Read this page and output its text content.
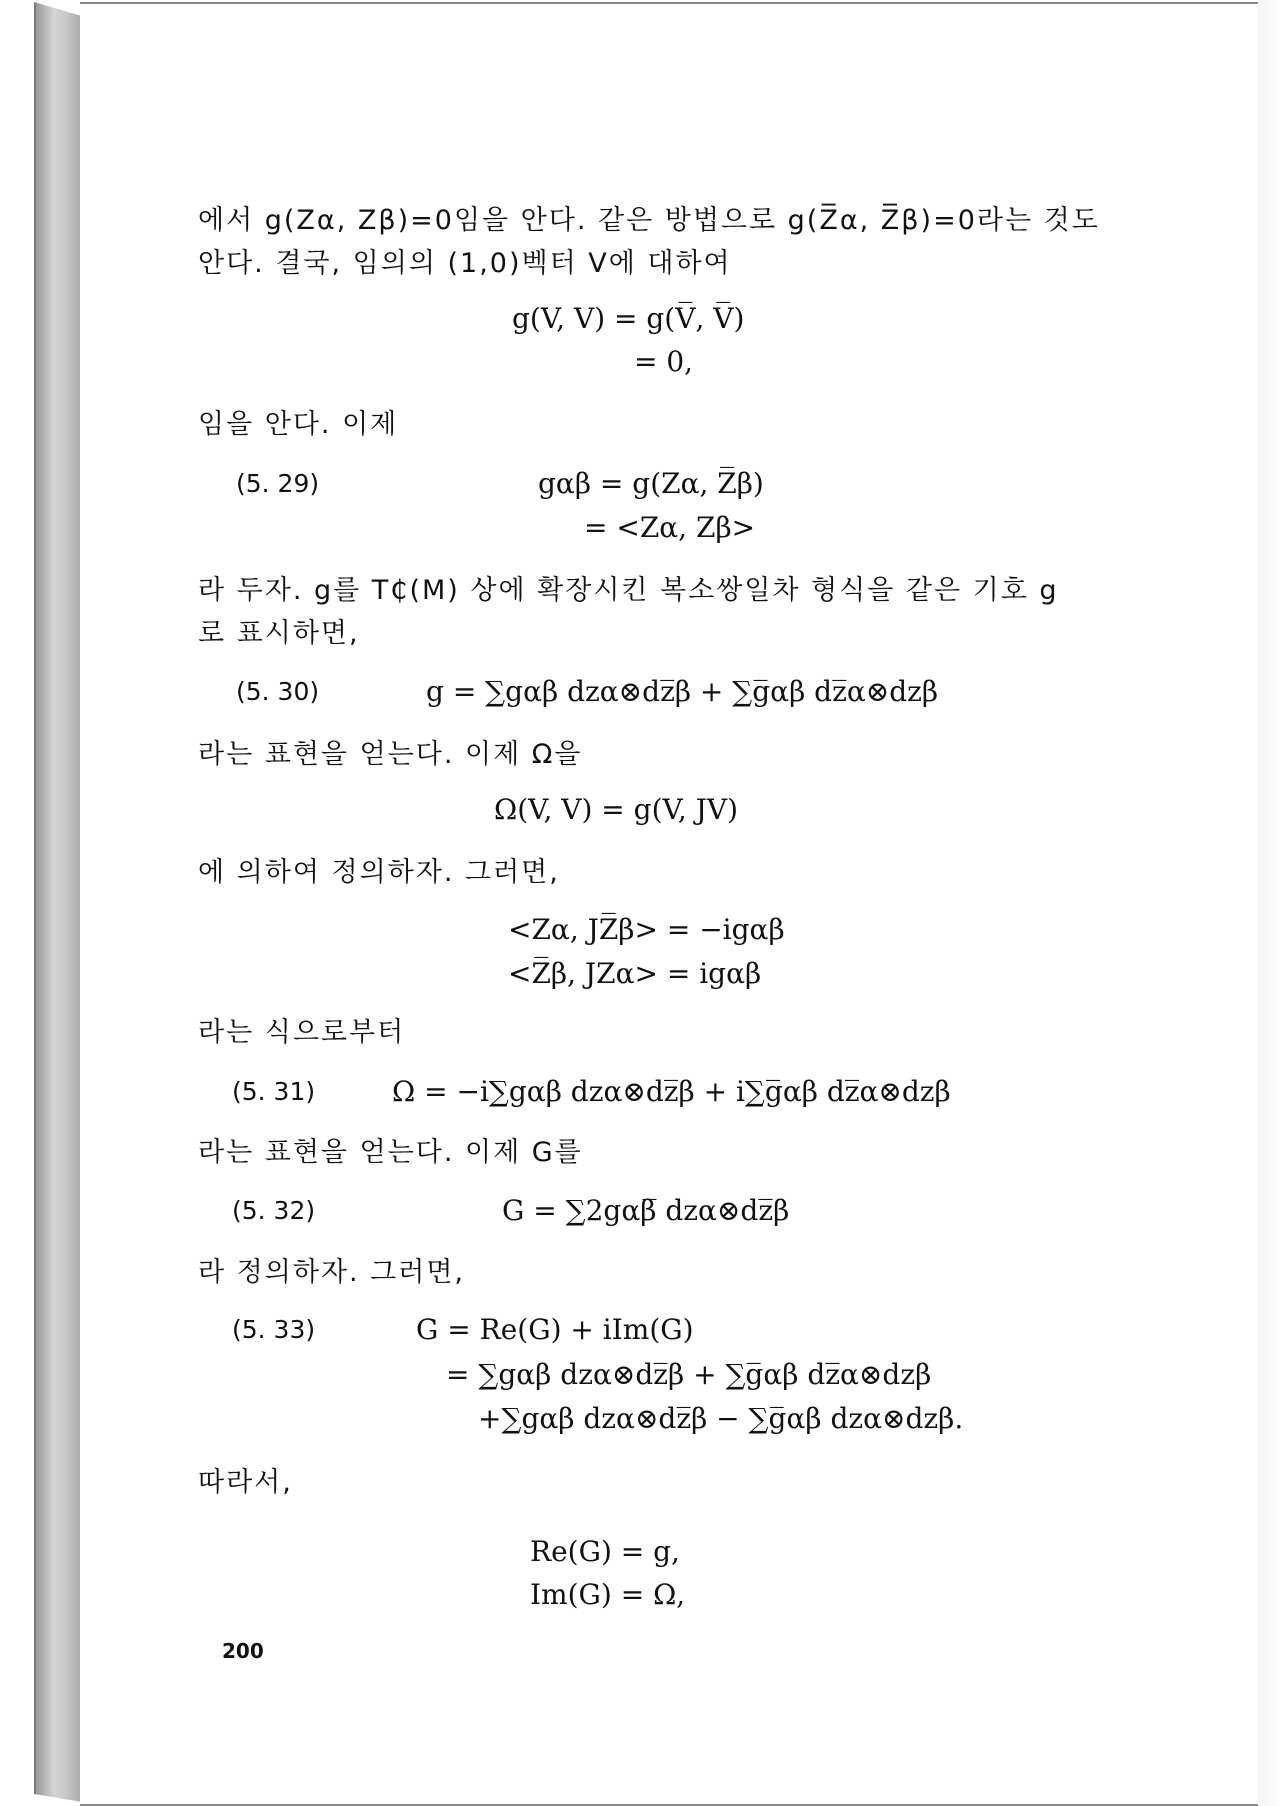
에서 g(Zα, Zβ)=0임을 안다. 같은 방법으로 g(Z̅α, Z̅β)=0라는 것도
안다. 결국, 임의의 (1,0)벡터 V에 대하여
g(V, V) = g(V̅, V̅)
= 0,
임을 안다. 이제
(5. 29)	gαβ = g(Zα, Z̅β)
= <Zα, Zβ>
라 두자. g를 T₵(M) 상에 확장시킨 복소쌍일차 형식을 같은 기호 g
로 표시하면,
(5. 30)	g = ∑gαβ dzα⊗dz̅β + ∑g̅αβ dz̅α⊗dzβ
라는 표현을 얻는다. 이제 Ω을
Ω(V, V) = g(V, JV)
에 의하여 정의하자. 그러면,
<Zα, JZ̅β> = −igαβ
<Z̅β, JZα> = igαβ
라는 식으로부터
(5. 31)	Ω = −i∑gαβ dzα⊗dz̅β + i∑g̅αβ dz̅α⊗dzβ
라는 표현을 얻는다. 이제 G를
(5. 32)	G = ∑2gαβ̅ dzα⊗dz̅β
라 정의하자. 그러면,
(5. 33)	G = Re(G) + iIm(G)
= ∑gαβ dzα⊗dz̅β + ∑g̅αβ dz̅α⊗dzβ
+∑gαβ dzα⊗dz̅β − ∑g̅αβ dzα⊗dzβ.
따라서,
Re(G) = g,
Im(G) = Ω,
200
